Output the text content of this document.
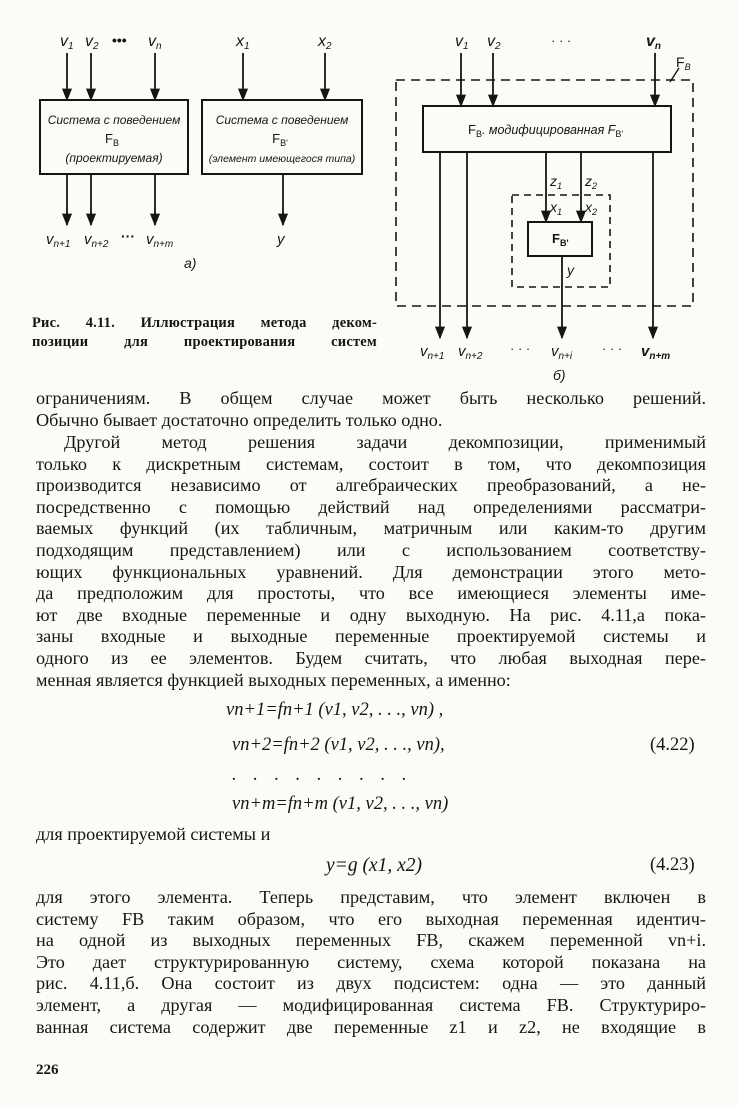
v1 v2 ••• vn	x1	x2
Система с поведением
$F_B$
(проектируемая)
Система с поведением
$F_{B'}$
(элемент имеющегося типа)
$v_{n+1}$ $v_{n+2}$
··· $v_{n+m}$	y
а)
v1 v2	· · ·	vn
$F_B$
$F_B$. модифицированная $F_{B'}$
$z_1$ $z_2$
$x_1$ $x_2$
$F_{B'}$
y
$v_{n+1}$ $v_{n+2}$
· · · $v_{n+i}$
· · · $v_{n+m}$
б)
Рис. 4.11. Иллюстрация метода деком-
позиции для проектирования систем

ограничениям. В общем случае может быть несколько решений.
Обычно бывает достаточно определить только одно.

Другой метод решения задачи декомпозиции, применимый
только к дискретным системам, состоит в том, что декомпозиция
производится независимо от алгебраических преобразований, а не-
посредственно с помощью действий над определениями рассматри-
ваемых функций (их табличным, матричным или каким-то другим
подходящим представлением) или с использованием соответству-
ющих функциональных уравнений. Для демонстрации этого мето-
да предположим для простоты, что все имеющиеся элементы име-
ют две входные переменные и одну выходную. На рис. 4.11,а пока-
заны входные и выходные переменные проектируемой системы и
одного из ее элементов. Будем считать, что любая выходная пере-
менная является функцией выходных переменных, а именно:

vn+1=fn+1 (v1, v2, . . ., vn) ,
vn+2=fn+2 (v1, v2, . . ., vn),	(4.22)
. . . . . . . . .
vn+m=fn+m (v1, v2, . . ., vn)

для проектируемой системы и

y=g (x1, x2)	(4.23)

для этого элемента. Теперь представим, что элемент включен в
систему FB таким образом, что его выходная переменная идентич-
на одной из выходных переменных FB, скажем переменной vn+i.
Это дает структурированную систему, схема которой показана на
рис. 4.11,б. Она состоит из двух подсистем: одна — это данный
элемент, а другая — модифицированная система FB. Структуриро-
ванная система содержит две переменные z1 и z2, не входящие в

226
